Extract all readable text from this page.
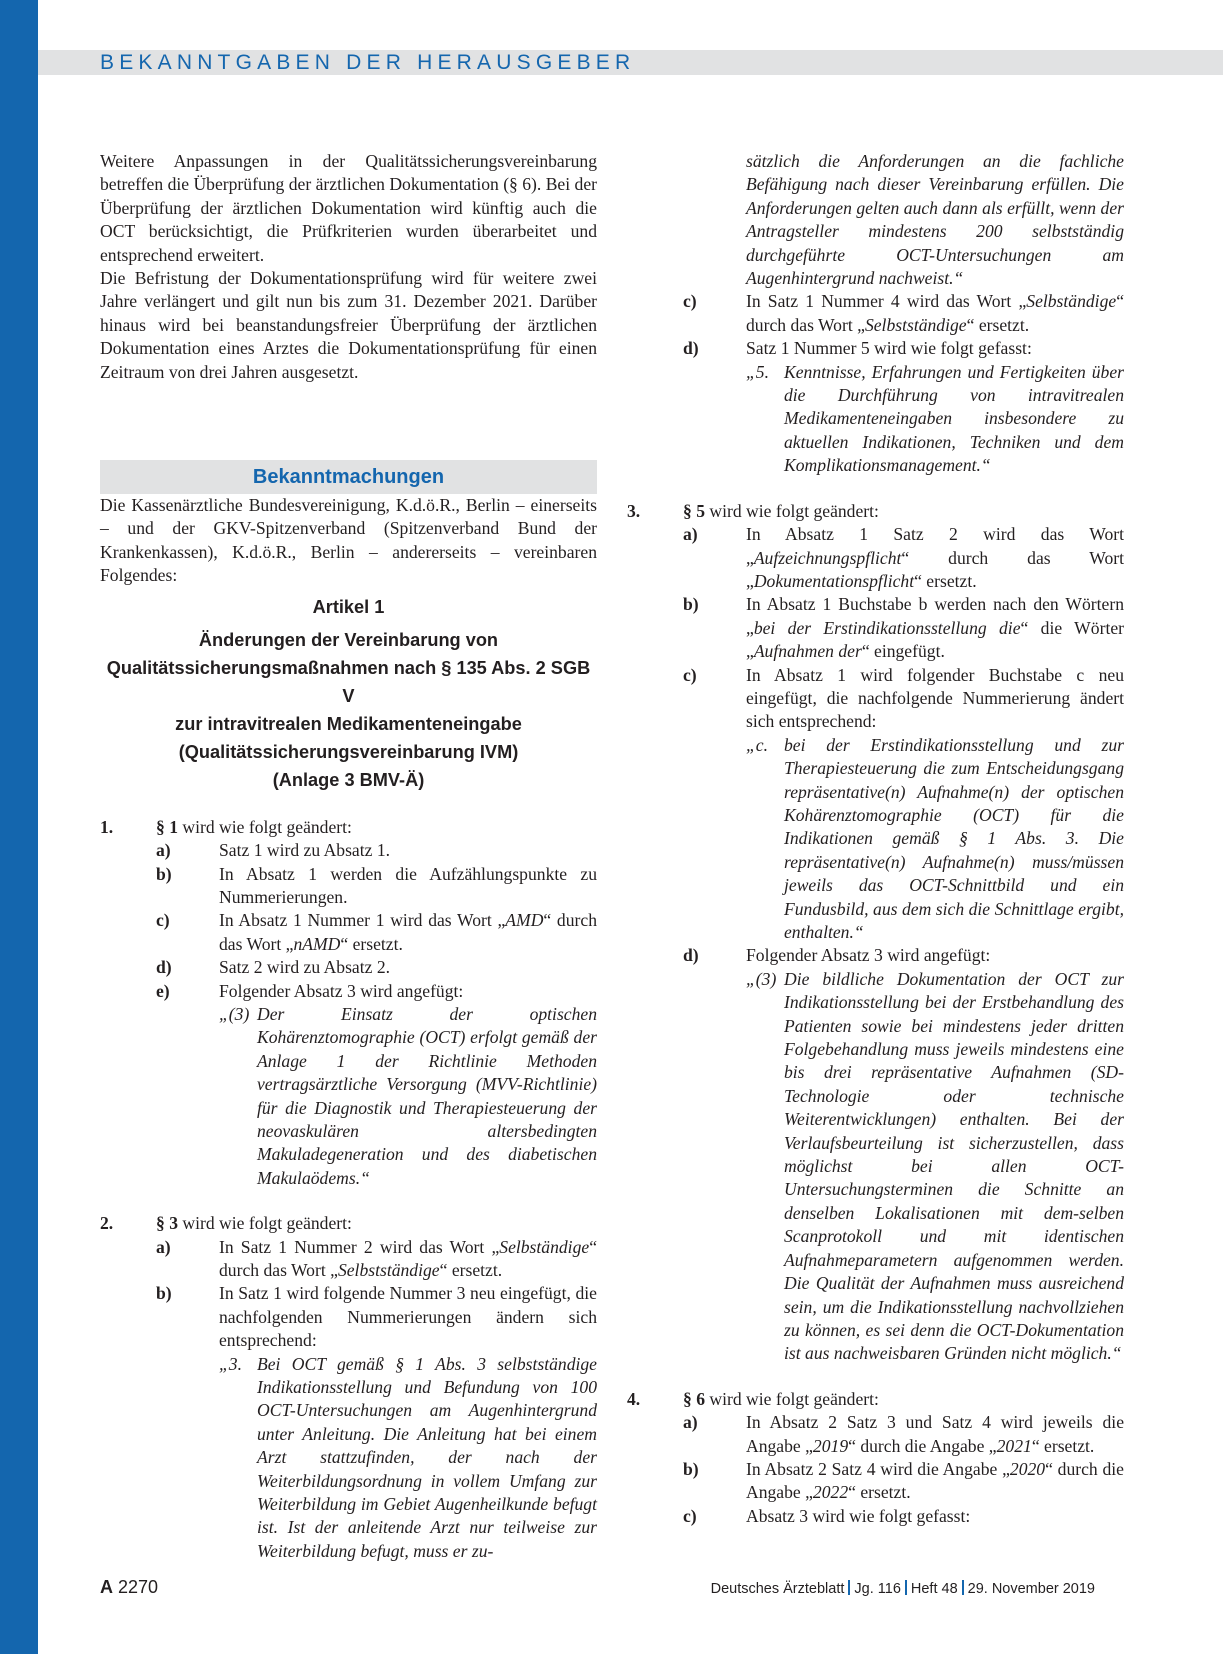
BEKANNTGABEN DER HERAUSGEBER

Weitere Anpassungen in der Qualitätssicherungsvereinbarung betreffen die Überprüfung der ärztlichen Dokumentation (§ 6). Bei der Überprüfung der ärztlichen Dokumentation wird künftig auch die OCT berücksichtigt, die Prüfkriterien wurden überarbeitet und entsprechend erweitert.

Die Befristung der Dokumentationsprüfung wird für weitere zwei Jahre verlängert und gilt nun bis zum 31. Dezember 2021. Darüber hinaus wird bei beanstandungsfreier Überprüfung der ärztlichen Dokumentation eines Arztes die Dokumentationsprüfung für einen Zeitraum von drei Jahren ausgesetzt.

Bekanntmachungen

Die Kassenärztliche Bundesvereinigung, K.d.ö.R., Berlin – einerseits – und der GKV-Spitzenverband (Spitzenverband Bund der Krankenkassen), K.d.ö.R., Berlin – andererseits – vereinbaren Folgendes:

Artikel 1
Änderungen der Vereinbarung von
Qualitätssicherungsmaßnahmen nach § 135 Abs. 2 SGB V
zur intravitrealen Medikamenteneingabe
(Qualitätssicherungsvereinbarung IVM)
(Anlage 3 BMV-Ä)
1. § 1 wird wie folgt geändert:

a)	Satz 1 wird zu Absatz 1.

b)	In Absatz 1 werden die Aufzählungspunkte zu Nummerierungen.

c)	In Absatz 1 Nummer 1 wird das Wort „AMD“ durch das Wort „nAMD“ ersetzt.

d)	Satz 2 wird zu Absatz 2.

e)	Folgender Absatz 3 wird angefügt:

„(3) Der Einsatz der optischen Kohärenztomographie (OCT) erfolgt gemäß der Anlage 1 der Richtlinie Methoden vertragsärztliche Versorgung (MVV-Richtlinie) für die Diagnostik und Therapiesteuerung der neovaskulären altersbedingten Makuladegeneration und des diabetischen Makulaödems.“

2. § 3 wird wie folgt geändert:

a)	In Satz 1 Nummer 2 wird das Wort „Selbständige“ durch das Wort „Selbstständige“ ersetzt.

b)	In Satz 1 wird folgende Nummer 3 neu eingefügt, die nachfolgenden Nummerierungen ändern sich entsprechend:

„3. Bei OCT gemäß § 1 Abs. 3 selbstständige Indikationsstellung und Befundung von 100 OCT-Untersuchungen am Augenhintergrund unter Anleitung. Die Anleitung hat bei einem Arzt stattzufinden, der nach der Weiterbildungsordnung in vollem Umfang zur Weiterbildung im Gebiet Augenheilkunde befugt ist. Ist der anleitende Arzt nur teilweise zur Weiterbildung befugt, muss er zu-

sätzlich die Anforderungen an die fachliche Befähigung nach dieser Vereinbarung erfüllen. Die Anforderungen gelten auch dann als erfüllt, wenn der Antragsteller mindestens 200 selbstständig durchgeführte OCT-Untersuchungen am Augenhintergrund nachweist.“

c)	In Satz 1 Nummer 4 wird das Wort „Selbständige“ durch das Wort „Selbstständige“ ersetzt.

d)	Satz 1 Nummer 5 wird wie folgt gefasst:

„5. Kenntnisse, Erfahrungen und Fertigkeiten über die Durchführung von intravitrealen Medikamenteneingaben insbesondere zu aktuellen Indikationen, Techniken und dem Komplikationsmanagement.“

3. § 5 wird wie folgt geändert:

a)	In Absatz 1 Satz 2 wird das Wort „Aufzeichnungspflicht“ durch das Wort „Dokumentationspflicht“ ersetzt.

b)	In Absatz 1 Buchstabe b werden nach den Wörtern „bei der Erstindikationsstellung die“ die Wörter „Aufnahmen der“ eingefügt.

c)	In Absatz 1 wird folgender Buchstabe c neu eingefügt, die nachfolgende Nummerierung ändert sich entsprechend:

„c. bei der Erstindikationsstellung und zur Therapiesteuerung die zum Entscheidungsgang repräsentative(n) Aufnahme(n) der optischen Kohärenztomographie (OCT) für die Indikationen gemäß § 1 Abs. 3. Die repräsentative(n) Aufnahme(n) muss/müssen jeweils das OCT-Schnittbild und ein Fundusbild, aus dem sich die Schnittlage ergibt, enthalten.“

d)	Folgender Absatz 3 wird angefügt:

„(3) Die bildliche Dokumentation der OCT zur Indikationsstellung bei der Erstbehandlung des Patienten sowie bei mindestens jeder dritten Folgebehandlung muss jeweils mindestens eine bis drei repräsentative Aufnahmen (SD-Technologie oder technische Weiterentwicklungen) enthalten. Bei der Verlaufsbeurteilung ist sicherzustellen, dass möglichst bei allen OCT-Untersuchungsterminen die Schnitte an denselben Lokalisationen mit dem-selben Scanprotokoll und mit identischen Aufnahmeparametern aufgenommen werden. Die Qualität der Aufnahmen muss ausreichend sein, um die Indikationsstellung nachvollziehen zu können, es sei denn die OCT-Dokumentation ist aus nachweisbaren Gründen nicht möglich.“

4. § 6 wird wie folgt geändert:

a)	In Absatz 2 Satz 3 und Satz 4 wird jeweils die Angabe „2019“ durch die Angabe „2021“ ersetzt.

b)	In Absatz 2 Satz 4 wird die Angabe „2020“ durch die Angabe „2022“ ersetzt.

c)	Absatz 3 wird wie folgt gefasst:

A 2270	Deutsches Ärzteblatt Jg. 116 Heft 48 29. November 2019
